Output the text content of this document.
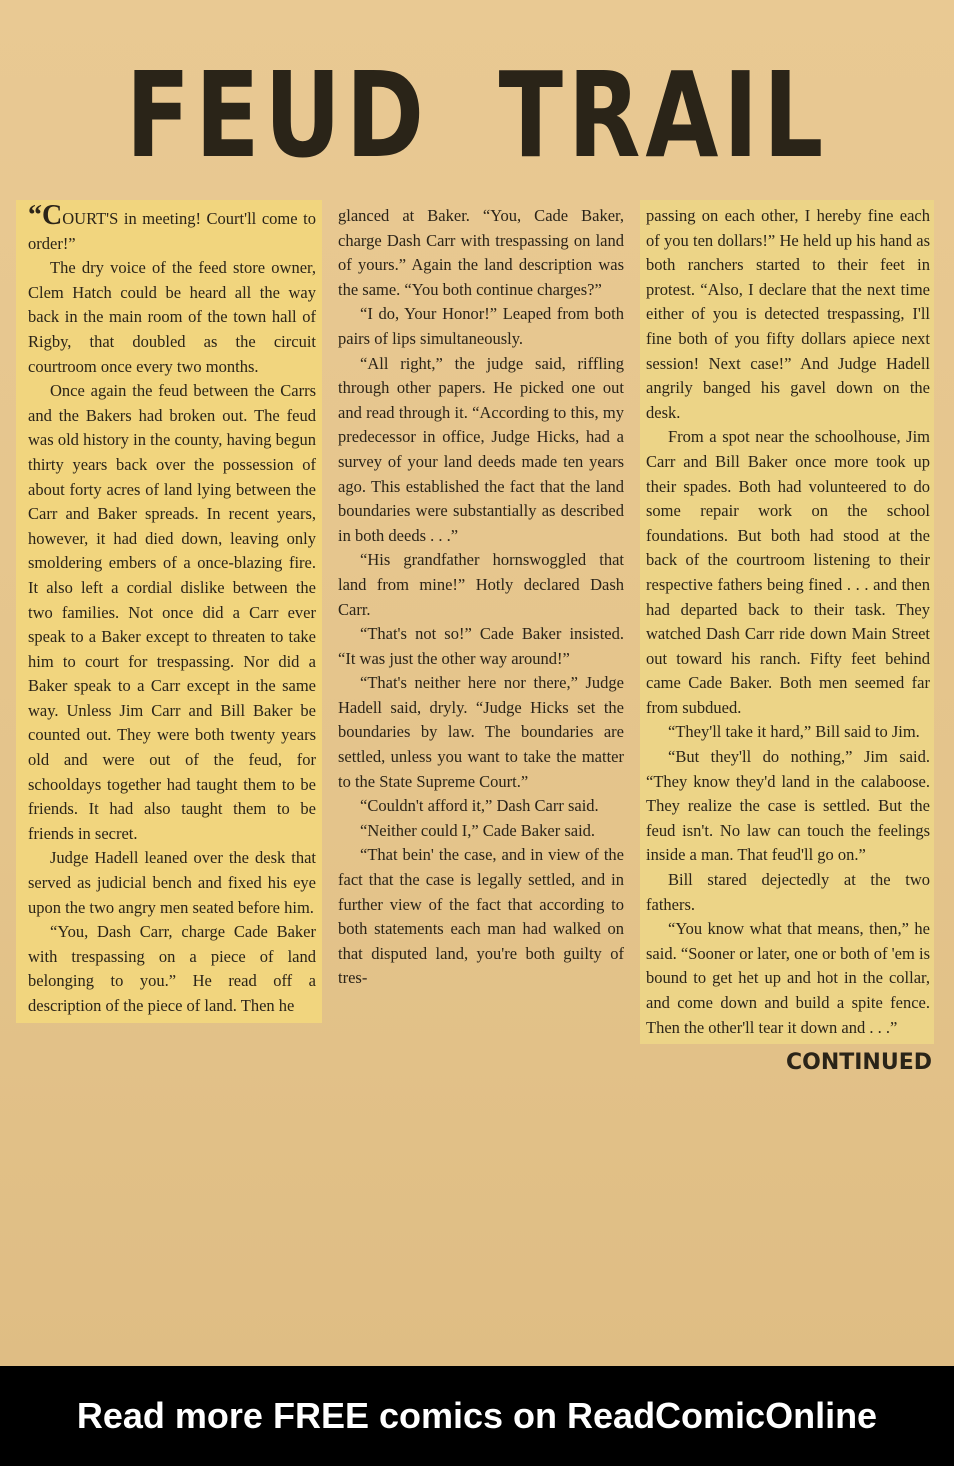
FEUD TRAIL

“COURT'S in meeting! Court'll come to order!”

The dry voice of the feed store owner, Clem Hatch could be heard all the way back in the main room of the town hall of Rigby, that doubled as the circuit courtroom once every two months.

Once again the feud between the Carrs and the Bakers had broken out. The feud was old history in the county, having begun thirty years back over the possession of about forty acres of land lying between the Carr and Baker spreads. In recent years, however, it had died down, leaving only smoldering embers of a once-blazing fire. It also left a cordial dislike between the two families. Not once did a Carr ever speak to a Baker except to threaten to take him to court for trespassing. Nor did a Baker speak to a Carr except in the same way. Unless Jim Carr and Bill Baker be counted out. They were both twenty years old and were out of the feud, for schooldays together had taught them to be friends. It had also taught them to be friends in secret.

Judge Hadell leaned over the desk that served as judicial bench and fixed his eye upon the two angry men seated before him.

“You, Dash Carr, charge Cade Baker with trespassing on a piece of land belonging to you.” He read off a description of the piece of land. Then he

glanced at Baker. “You, Cade Baker, charge Dash Carr with trespassing on land of yours.” Again the land description was the same. “You both continue charges?”

“I do, Your Honor!” Leaped from both pairs of lips simultaneously.

“All right,” the judge said, riffling through other papers. He picked one out and read through it. “According to this, my predecessor in office, Judge Hicks, had a survey of your land deeds made ten years ago. This established the fact that the land boundaries were substantially as described in both deeds . . .”

“His grandfather hornswoggled that land from mine!” Hotly declared Dash Carr.

“That's not so!” Cade Baker insisted. “It was just the other way around!”

“That's neither here nor there,” Judge Hadell said, dryly. “Judge Hicks set the boundaries by law. The boundaries are settled, unless you want to take the matter to the State Supreme Court.”

“Couldn't afford it,” Dash Carr said.

“Neither could I,” Cade Baker said.

“That bein' the case, and in view of the fact that the case is legally settled, and in further view of the fact that according to both statements each man had walked on that disputed land, you're both guilty of tres-

passing on each other, I hereby fine each of you ten dollars!” He held up his hand as both ranchers started to their feet in protest. “Also, I declare that the next time either of you is detected trespassing, I'll fine both of you fifty dollars apiece next session! Next case!” And Judge Hadell angrily banged his gavel down on the desk.

From a spot near the schoolhouse, Jim Carr and Bill Baker once more took up their spades. Both had volunteered to do some repair work on the school foundations. But both had stood at the back of the courtroom listening to their respective fathers being fined . . . and then had departed back to their task. They watched Dash Carr ride down Main Street out toward his ranch. Fifty feet behind came Cade Baker. Both men seemed far from subdued.

“They'll take it hard,” Bill said to Jim.

“But they'll do nothing,” Jim said. “They know they'd land in the calaboose. They realize the case is settled. But the feud isn't. No law can touch the feelings inside a man. That feud'll go on.”

Bill stared dejectedly at the two fathers.

“You know what that means, then,” he said. “Sooner or later, one or both of 'em is bound to get het up and hot in the collar, and come down and build a spite fence. Then the other'll tear it down and . . .”

CONTINUED
Read more FREE comics on ReadComicOnline
